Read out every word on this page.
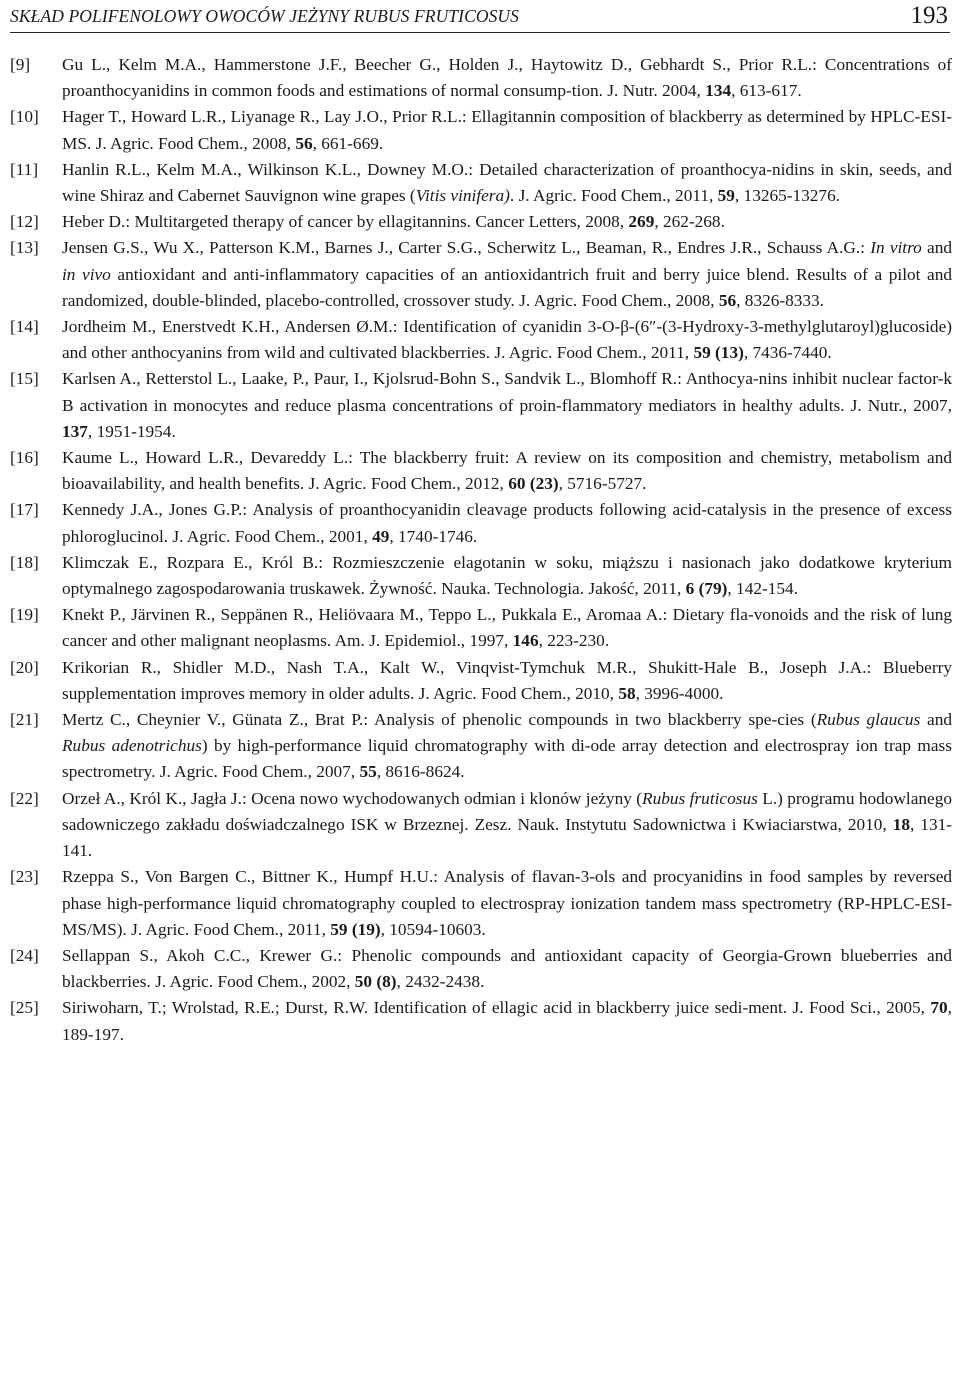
SKŁAD POLIFENOLOWY OWOCÓW JEŻYNY RUBUS FRUTICOSUS	193

[9] Gu L., Kelm M.A., Hammerstone J.F., Beecher G., Holden J., Haytowitz D., Gebhardt S., Prior R.L.: Concentrations of proanthocyanidins in common foods and estimations of normal consump-tion. J. Nutr. 2004, 134, 613-617.

[10] Hager T., Howard L.R., Liyanage R., Lay J.O., Prior R.L.: Ellagitannin composition of blackberry as determined by HPLC-ESI-MS. J. Agric. Food Chem., 2008, 56, 661-669.

[11] Hanlin R.L., Kelm M.A., Wilkinson K.L., Downey M.O.: Detailed characterization of proanthocya-nidins in skin, seeds, and wine Shiraz and Cabernet Sauvignon wine grapes (Vitis vinifera). J. Agric. Food Chem., 2011, 59, 13265-13276.

[12] Heber D.: Multitargeted therapy of cancer by ellagitannins. Cancer Letters, 2008, 269, 262-268.

[13] Jensen G.S., Wu X., Patterson K.M., Barnes J., Carter S.G., Scherwitz L., Beaman, R., Endres J.R., Schauss A.G.: In vitro and in vivo antioxidant and anti-inflammatory capacities of an antioxidantrich fruit and berry juice blend. Results of a pilot and randomized, double-blinded, placebo-controlled, crossover study. J. Agric. Food Chem., 2008, 56, 8326-8333.

[14] Jordheim M., Enerstvedt K.H., Andersen Ø.M.: Identification of cyanidin 3-O-β-(6″-(3-Hydroxy-3-methylglutaroyl)glucoside) and other anthocyanins from wild and cultivated blackberries. J. Agric. Food Chem., 2011, 59 (13), 7436-7440.

[15] Karlsen A., Retterstol L., Laake, P., Paur, I., Kjolsrud-Bohn S., Sandvik L., Blomhoff R.: Anthocya-nins inhibit nuclear factor-k B activation in monocytes and reduce plasma concentrations of proin-flammatory mediators in healthy adults. J. Nutr., 2007, 137, 1951-1954.

[16] Kaume L., Howard L.R., Devareddy L.: The blackberry fruit: A review on its composition and chemistry, metabolism and bioavailability, and health benefits. J. Agric. Food Chem., 2012, 60 (23), 5716-5727.

[17] Kennedy J.A., Jones G.P.: Analysis of proanthocyanidin cleavage products following acid-catalysis in the presence of excess phloroglucinol. J. Agric. Food Chem., 2001, 49, 1740-1746.

[18] Klimczak E., Rozpara E., Król B.: Rozmieszczenie elagotanin w soku, miąższu i nasionach jako dodatkowe kryterium optymalnego zagospodarowania truskawek. Żywność. Nauka. Technologia. Jakość, 2011, 6 (79), 142-154.

[19] Knekt P., Järvinen R., Seppänen R., Heliövaara M., Teppo L., Pukkala E., Aromaa A.: Dietary fla-vonoids and the risk of lung cancer and other malignant neoplasms. Am. J. Epidemiol., 1997, 146, 223-230.

[20] Krikorian R., Shidler M.D., Nash T.A., Kalt W., Vinqvist-Tymchuk M.R., Shukitt-Hale B., Joseph J.A.: Blueberry supplementation improves memory in older adults. J. Agric. Food Chem., 2010, 58, 3996-4000.

[21] Mertz C., Cheynier V., Günata Z., Brat P.: Analysis of phenolic compounds in two blackberry spe-cies (Rubus glaucus and Rubus adenotrichus) by high-performance liquid chromatography with di-ode array detection and electrospray ion trap mass spectrometry. J. Agric. Food Chem., 2007, 55, 8616-8624.

[22] Orzeł A., Król K., Jagła J.: Ocena nowo wychodowanych odmian i klonów jeżyny (Rubus fruticosus L.) programu hodowlanego sadowniczego zakładu doświadczalnego ISK w Brzeznej. Zesz. Nauk. Instytutu Sadownictwa i Kwiaciarstwa, 2010, 18, 131-141.

[23] Rzeppa S., Von Bargen C., Bittner K., Humpf H.U.: Analysis of flavan-3-ols and procyanidins in food samples by reversed phase high-performance liquid chromatography coupled to electrospray ionization tandem mass spectrometry (RP-HPLC-ESI-MS/MS). J. Agric. Food Chem., 2011, 59 (19), 10594-10603.

[24] Sellappan S., Akoh C.C., Krewer G.: Phenolic compounds and antioxidant capacity of Georgia-Grown blueberries and blackberries. J. Agric. Food Chem., 2002, 50 (8), 2432-2438.

[25] Siriwoharn, T.; Wrolstad, R.E.; Durst, R.W. Identification of ellagic acid in blackberry juice sedi-ment. J. Food Sci., 2005, 70, 189-197.
